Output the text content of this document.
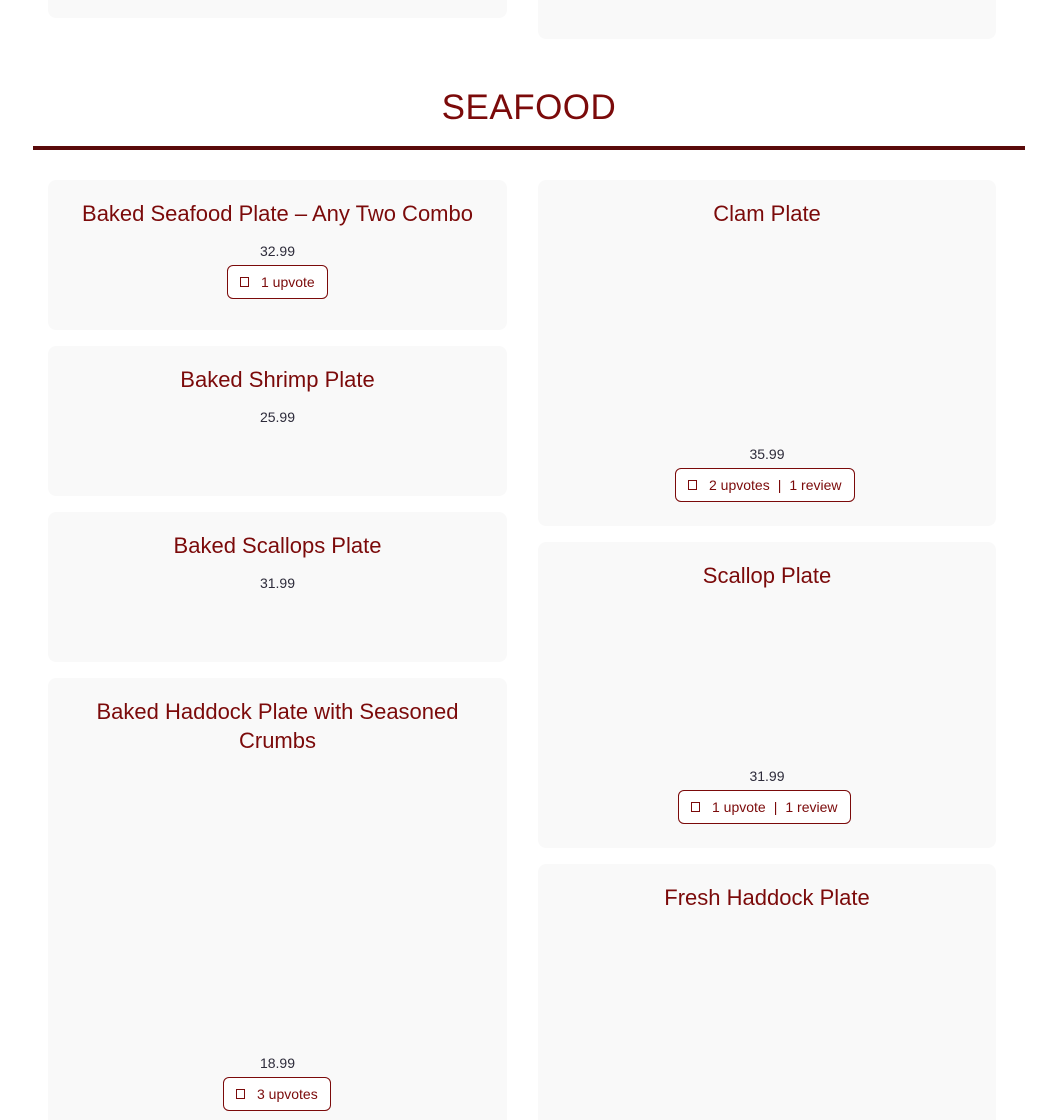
SEAFOOD
Baked Seafood Plate – Any Two Combo
32.99
1 upvote
Baked Shrimp Plate
25.99
Baked Scallops Plate
31.99
Baked Haddock Plate with Seasoned Crumbs
18.99
3 upvotes
Clam Plate
35.99
2 upvotes | 1 review
Scallop Plate
31.99
1 upvote | 1 review
Fresh Haddock Plate
